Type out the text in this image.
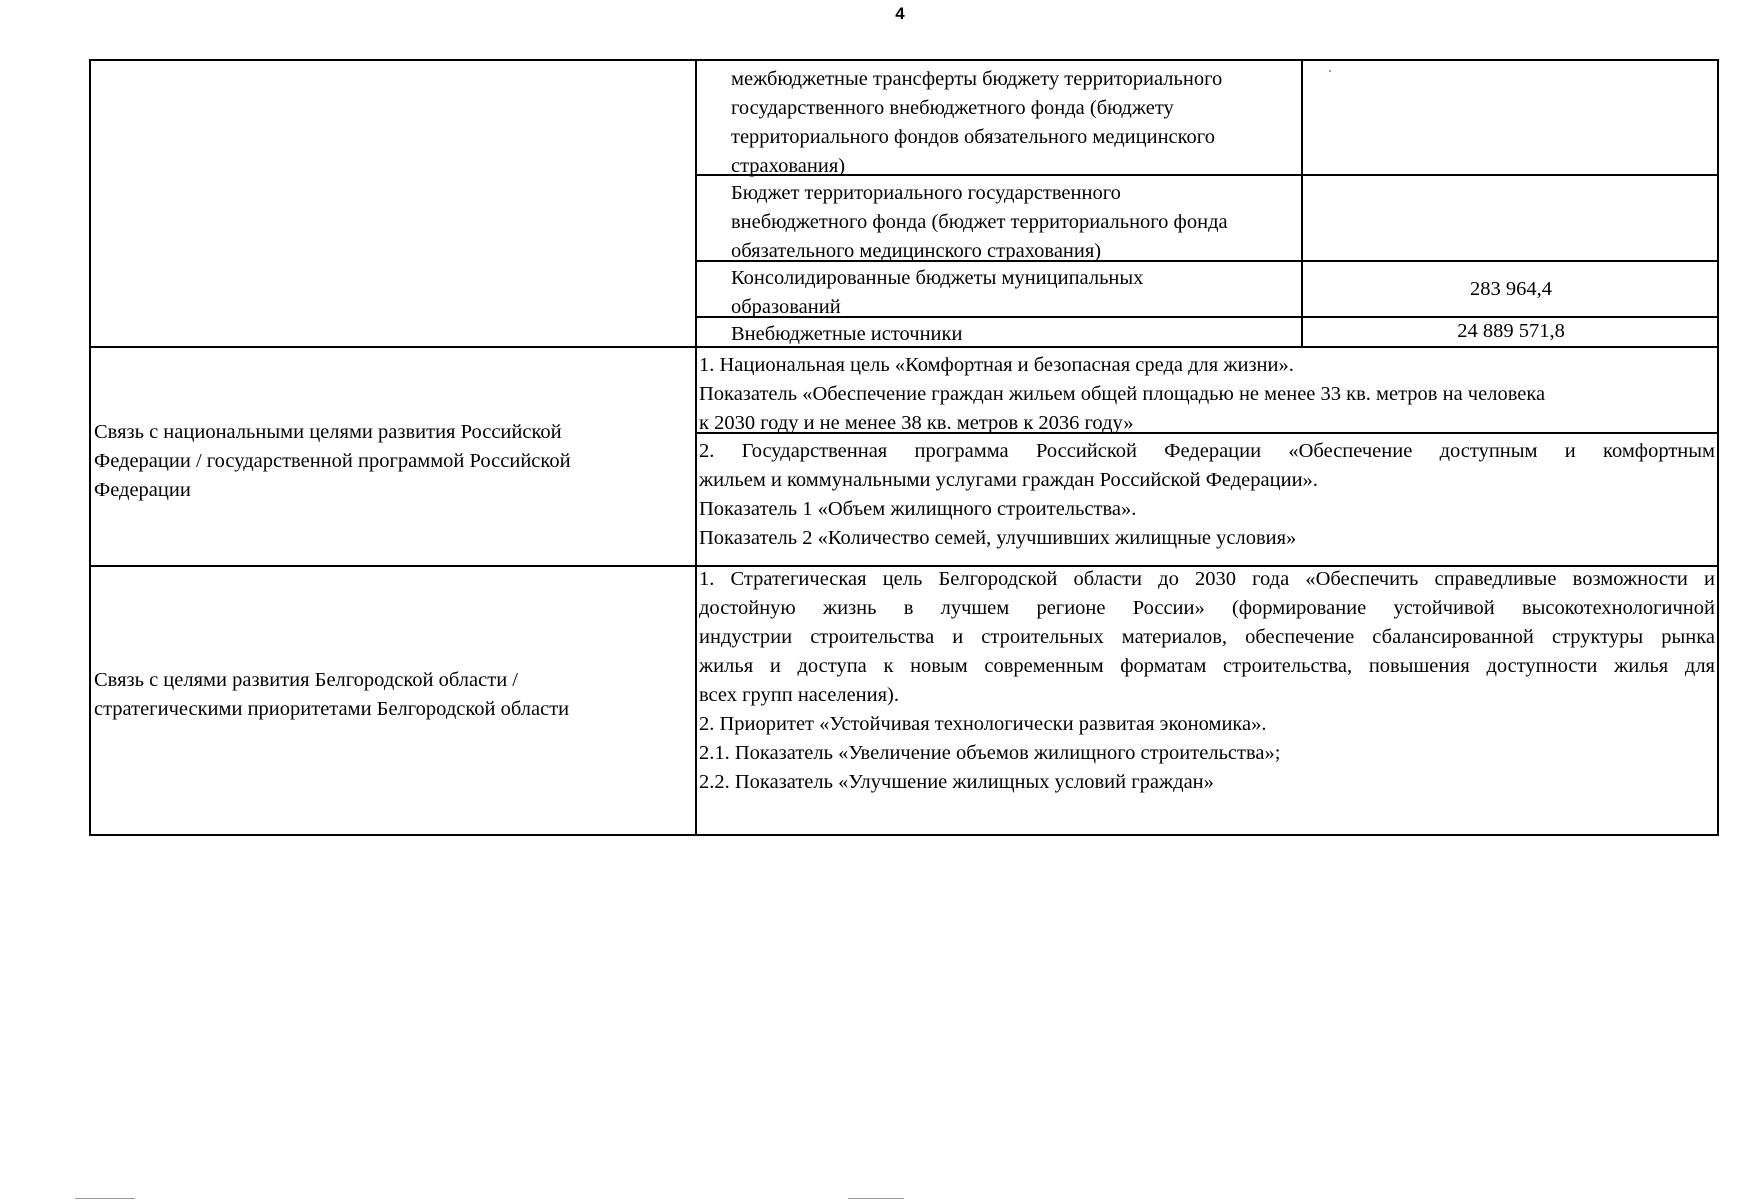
4
межбюджетные трансферты бюджету территориального
государственного внебюджетного фонда (бюджету
территориального фондов обязательного медицинского
страхования)
Бюджет территориального государственного
внебюджетного фонда (бюджет территориального фонда
обязательного медицинского страхования)
Консолидированные бюджеты муниципальных
образований
283 964,4
Внебюджетные источники	24 889 571,8
Связь с национальными целями развития Российской
Федерации / государственной программой Российской
Федерации
1. Национальная цель «Комфортная и безопасная среда для жизни».
Показатель «Обеспечение граждан жильем общей площадью не менее 33 кв. метров на человека
к 2030 году и не менее 38 кв. метров к 2036 году»
2. Государственная программа Российской Федерации «Обеспечение доступным и комфортным
жильем и коммунальными услугами граждан Российской Федерации».
Показатель 1 «Объем жилищного строительства».
Показатель 2 «Количество семей, улучшивших жилищные условия»
Связь с целями развития Белгородской области /
стратегическими приоритетами Белгородской области
1. Стратегическая цель Белгородской области до 2030 года «Обеспечить справедливые возможности и
достойную жизнь в лучшем регионе России» (формирование устойчивой высокотехнологичной
индустрии строительства и строительных материалов, обеспечение сбалансированной структуры рынка
жилья и доступа к новым современным форматам строительства, повышения доступности жилья для
всех групп населения).
2. Приоритет «Устойчивая технологически развитая экономика».
2.1. Показатель «Увеличение объемов жилищного строительства»;
2.2. Показатель «Улучшение жилищных условий граждан»
